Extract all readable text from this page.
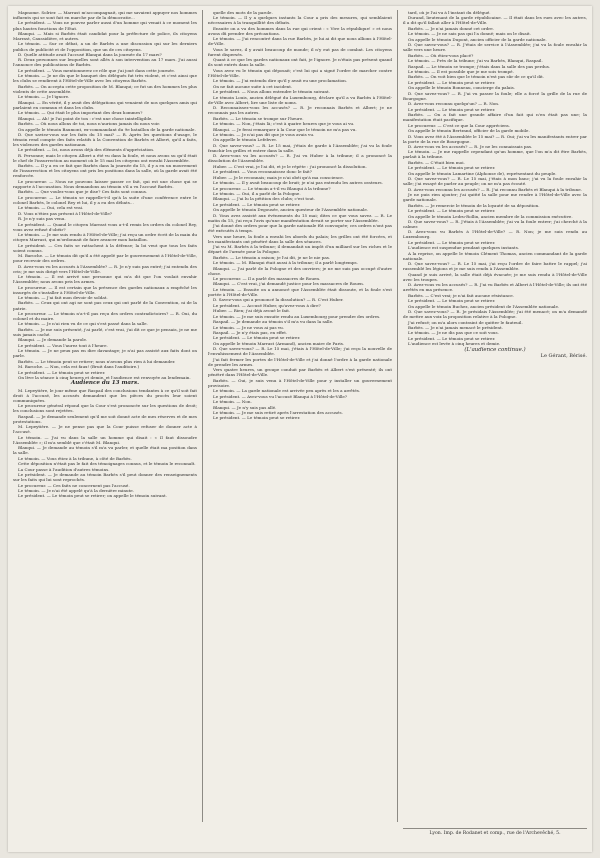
Mapnome. Solrier. — Marrast m'accompagnait, qui me savaient appuyer nos hommes influents qui se sont fait en marche par de la démocratie...

Le président. — Vous ne pouvez parler aussi d'un homme qui venait à ce moment les plus hautes fonctions de l'Etat.

Blanqui. — Mais si Barbès était candidat pour la préfecture de police, ils citoyens Marrast, Caussidière, et autres.

Le témoin. — Sur ce débat, a un de Barbès a une discussion qui sur les derniers publics de publicité et de l'opposition, que un de ces citoyens.

D. Quelle attitude avait l'accusé Blanqui dans la journée du 17 mars?

R. Deux personnes sur lesquelles sont allés à son intervention au 17 mars. J'ai aussi l'annonce des publications de Barbès.

Le président. — Vous mentionnerez ce rôle que j'ai joué dans cette journée.

Le témoin. — Je ne dis que le banquet des délégués fut très violent, et c'est ainsi que les clubs se rendirent à l'Hôtel-de-Ville avec les citoyens Barbès.

Barbès. — On accepta cette proposition de M. Blanqui; ce fut un des hommes les plus violents de cette assemblée.

Le témoin. — Je l'ignore.

Blanqui. — En vérité, il y avait des délégations qui venaient de nos quelques amis qui parlaient en commun et dans les clubs.

Le témoin. — Qui était le plus important des deux hommes?

Blanqui. — Ah! je l'ai point de ton : c'est une chose inintelligible.

Barbès. — Où nous allons de toi, nous n'aurions jamais du nous voir.

On appelle le témoin Baumont, ex-commandant du 9e bataillon de la garde nationale.

D. Que saviez-vous sur les faits du 15 mai? — R. Après les questions d'usage, le témoin rend compte des faits relatifs à la Convention de Barbès et Albert, qu'il a faits, les violences des gardes nationaux.

Le président. — Ici, nous avons déjà des éléments d'appréciation.

R. Personne; mais le citoyen Albert a été vu dans la foule, et nous avons su qu'il était le chef de l'insurrection au moment où le 15 mai les citoyens ont envahi l'Assemblée.

Barbès. — Il y a en ce fait que Barbès dans la journée du 15, il y a eu un mouvement de l'insurrection et les citoyens ont pris les positions dans la salle, où la garde avait été renforcée.

Le procureur. — Nous ne pouvons laisser passer ce fait, qui est une chose qui se rapporte à l'accusation. Nous demandons au témoin s'il a vu l'accusé Barbès.

Barbès. — Que voulez-vous que je dise? Ces faits sont connus.

Le procureur. — Le témoin se rappelle-t-il qu'à la suite d'une conférence entre le colonel Barbès, le colonel Rey et lui, il y a eu des débats...

Le témoin. — Oui, cela est vrai.

D. Vous n'étiez pas présent à l'Hôtel-de-Ville?

R. Je n'y suis pas venu.

Le président. — Quand le citoyen Marrast vous a-t-il remis les ordres du colonel Rey, vous avez refusé d'obéir?

Le témoin. — Je me suis rendu à l'Hôtel-de-Ville; j'ai reçu un ordre écrit de la main du citoyen Marrast, qui m'ordonnait de faire avancer mon bataillon.

Le président. — Ces faits se rattachent à la défense; la loi veut que tous les faits soient connus.

M. Baroche. — Le témoin dit qu'il a été appelé par le gouvernement à l'Hôtel-de-Ville, pour recevoir des ordres.

D. Avez-vous vu les accusés à l'Assemblée? — R. Je n'y suis pas entré; j'ai entendu des cris; je me suis dirigé vers l'Hôtel-de-Ville.

Le témoin. — Il est arrivé une personne qui m'a dit que l'on voulait envahir l'Assemblée; nous avons pris les armes.

Le procureur. — Il est certain que la présence des gardes nationaux a empêché les insurgés de s'installer à l'Hôtel-de-Ville.

Le témoin. — J'ai fait mon devoir de soldat.

Barbès. — Ceux qui ont agi ne sont pas ceux qui ont parlé de la Convention, ni de la patrie.

Le procureur. — Le témoin n'a-t-il pas reçu des ordres contradictoires? — R. Oui, du colonel et du maire.

Le témoin. — Je n'ai rien vu de ce qui s'est passé dans la salle.

Barbès. — Je me suis présenté, j'ai parlé, c'est vrai, j'ai dit ce que je pensais, je ne me suis jamais caché.

Blanqui. — Je demande la parole.

Le président. — Vous l'aurez tout à l'heure.

Le témoin. — Je ne peux pas en dire davantage; je n'ai pas assisté aux faits dont on parle.

Barbès. — Le témoin peut se retirer; nous n'avons plus rien à lui demander.

M. Baroche. — Non, cela est faux! (Bruit dans l'auditoire.)

Le président. — Le témoin peut se retirer.

On lève la séance à cinq heures et demie, et l'audience est renvoyée au lendemain.

Audience du 13 mars.

M. Lepeytière, le jour même que Raspail des conclusions tendantes à ce qu'il soit fait droit à l'accusé, les accusés demandent que les pièces du procès leur soient communiquées.

Le procureur général répond que la Cour s'est prononcée sur les questions de droit; les conclusions sont rejetées.

Raspail. — Je demande seulement qu'il me soit donné acte de mes réserves et de mes protestations.

M. Lepeytière. — Je ne pense pas que la Cour puisse refuser de donner acte à l'accusé.

Le témoin. — J'ai vu dans la salle un homme qui disait : « Il faut dissoudre l'Assemblée »; il m'a semblé que c'était M. Blanqui.

Blanqui. — Je demande au témoin s'il m'a vu parler, et quelle était ma position dans la salle.

Le témoin. — Vous étiez à la tribune, à côté de Barbès.

Cette déposition n'était pas le fait des témoignages connus, et le témoin le reconnaît.

La Cour passe à l'audition d'autres témoins.

Le président. — Je demande au témoin Barbès s'il peut donner des renseignements sur les faits qui lui sont reprochés.

Le procureur. — Ces faits ne concernent pas l'accusé.

Le témoin. — Je n'ai été appelé qu'à la dernière minute.

Le président. — Le témoin peut se retirer; on appelle le témoin suivant.

quelle des mots de la parole.

Le témoin. — Il y a quelques instants la Cour a pris des mesures, qui semblaient nécessaires à la tranquillité des débats.

Ensuite on a vu des hommes dans la rue qui crient : « Vive la république! » et nous avons dû prendre des précautions.

Le témoin. — J'ai rencontré dans la rue Barbès, je lui ai dit que nous allions à l'Hôtel-de-Ville.

Vous le savez, il y avait beaucoup de monde; il n'y eut pas de combat. Les citoyens furent dispersés.

Quant à ce que les gardes nationaux ont fait, je l'ignore. Je n'étais pas présent quand ils sont entrés dans la salle.

Vous avez vu le témoin qui déposait; c'est lui qui a signé l'ordre de marcher contre l'Hôtel-de-Ville.

Le témoin. — J'ai entendu dire qu'il y avait eu une proclamation.

On ne fait aucune suite à cet incident.

Le président. — Nous allons entendre le témoin suivant.

Le témoin Louis, ancien délégué du Luxembourg, déclare qu'il a vu Barbès à l'Hôtel-de-Ville avec Albert, lire une liste de noms.

D. Reconnaissez-vous les accusés? — R. Je reconnais Barbès et Albert; je ne reconnais pas les autres.

Barbès. — Le témoin se trompe sur l'heure.

Le témoin. — Non, j'étais là; c'est à quatre heures que je vous ai vu.

Blanqui. — Je ferai remarquer à la Cour que le témoin ne m'a pas vu.

Le témoin. — Je n'ai pas dit que je vous avais vu.

On appelle le témoin Lefebvre.

D. Que savez-vous? — R. Le 15 mai, j'étais de garde à l'Assemblée; j'ai vu la foule franchir les grilles et entrer dans la salle.

D. Avez-vous vu les accusés? — R. J'ai vu Huber à la tribune; il a prononcé la dissolution de l'Assemblée.

Huber. — C'est vrai, je l'ai dit, et je le répète : j'ai prononcé la dissolution.

Le président. — Vous reconnaissez donc le fait?

Huber. — Je le reconnais; mais je n'ai obéi qu'à ma conscience.

Le témoin. — Il y avait beaucoup de bruit; je n'ai pas entendu les autres orateurs.

Le procureur. — Le témoin a-t-il vu Blanqui à la tribune?

Le témoin. — Oui, il a parlé de la Pologne.

Blanqui. — J'ai lu la pétition des clubs; c'est tout.

Le président. — Le témoin peut se retirer.

On appelle le témoin Degousée, ancien questeur de l'Assemblée nationale.

D. Vous avez assisté aux événements du 15 mai; dites ce que vous savez. — R. Le matin du 15, j'ai reçu l'avis qu'une manifestation devait se porter sur l'Assemblée.

J'ai donné des ordres pour que la garde nationale fût convoquée; ces ordres n'ont pas été exécutés à temps.

Vers une heure, la foule a envahi les abords du palais; les grilles ont été forcées, et les manifestants ont pénétré dans la salle des séances.

J'ai vu M. Barbès à la tribune; il demandait un impôt d'un milliard sur les riches et le départ de l'armée pour la Pologne.

Barbès. — Le témoin a raison; je l'ai dit, je ne le nie pas.

Le témoin. — M. Blanqui était aussi à la tribune; il a parlé longtemps.

Blanqui. — J'ai parlé de la Pologne et des ouvriers; je ne me suis pas occupé d'autre chose.

Le procureur. — Il a parlé des massacres de Rouen.

Blanqui. — C'est vrai, j'ai demandé justice pour les massacres de Rouen.

Le témoin. — Ensuite on a annoncé que l'Assemblée était dissoute, et la foule s'est portée à l'Hôtel-de-Ville.

D. Savez-vous qui a prononcé la dissolution? — R. C'est Huber.

Le président. — Accusé Huber, qu'avez-vous à dire?

Huber. — Rien; j'ai déjà avoué le fait.

Le témoin. — Je me suis ensuite rendu au Luxembourg pour prendre des ordres.

Raspail. — Je demande au témoin s'il m'a vu dans la salle.

Le témoin. — Je ne vous ai pas vu.

Raspail. — Je n'y étais pas, en effet.

Le président. — Le témoin peut se retirer.

On appelle le témoin Marrast (Armand), ancien maire de Paris.

D. Que savez-vous? — R. Le 15 mai, j'étais à l'Hôtel-de-Ville; j'ai reçu la nouvelle de l'envahissement de l'Assemblée.

J'ai fait fermer les portes de l'Hôtel-de-Ville et j'ai donné l'ordre à la garde nationale de prendre les armes.

Vers quatre heures, un groupe conduit par Barbès et Albert s'est présenté; ils ont pénétré dans l'Hôtel-de-Ville.

Barbès. — Oui, je suis venu à l'Hôtel-de-Ville pour y installer un gouvernement provisoire.

Le témoin. — La garde nationale est arrivée peu après et les a arrêtés.

Le président. — Avez-vous vu l'accusé Blanqui à l'Hôtel-de-Ville?

Le témoin. — Non.

Blanqui. — Je n'y suis pas allé.

Le témoin. — Je me suis retiré après l'arrestation des accusés.

Le président. — Le témoin peut se retirer.

tard, où je l'ai vu à l'instant du délégué.

Durand, lieutenant de la garde républicaine. — Il était dans les rues avec les autres, il a dit qu'il fallait aller à l'Hôtel-de-Ville.

Barbès. — Je n'ai jamais donné cet ordre.

Le témoin. — Je ne sais pas qui l'a donné; mais on le disait.

On appelle le témoin Dupont, ancien officier de la garde nationale.

D. Que savez-vous? — R. J'étais de service à l'Assemblée; j'ai vu la foule envahir la salle vers une heure.

Barbès. — Où étiez-vous placé?

Le témoin. — Près de la tribune; j'ai vu Barbès, Blanqui, Raspail.

Raspail. — Le témoin se trompe; j'étais dans la salle des pas perdus.

Le témoin. — Il est possible que je me sois trompé.

Barbès. — On voit bien que le témoin n'est pas sûr de ce qu'il dit.

Le président. — Le témoin peut se retirer.

On appelle le témoin Bonneau, concierge du palais.

D. Que savez-vous? — R. J'ai vu passer la foule; elle a forcé la grille de la rue de Bourgogne.

D. Avez-vous reconnu quelqu'un? — R. Non.

Le président. — Le témoin peut se retirer.

Barbès. — On a fait une grande affaire d'un fait qui n'en était pas une; la manifestation était pacifique.

Le procureur. — C'est ce que la Cour appréciera.

On appelle le témoin Bertrand, officier de la garde mobile.

D. Vous avez été à l'Assemblée le 15 mai? — R. Oui; j'ai vu les manifestants entrer par la porte de la rue de Bourgogne.

D. Avez-vous vu les accusés? — R. Je ne les connaissais pas.

Le témoin. — Je me rappelle cependant qu'un homme, que l'on m'a dit être Barbès, parlait à la tribune.

Barbès. — C'était bien moi.

Le président. — Le témoin peut se retirer.

On appelle le témoin Lamartine (Alphonse de), représentant du peuple.

D. Que savez-vous? — R. Le 15 mai, j'étais à mon banc; j'ai vu la foule envahir la salle; j'ai essayé de parler au peuple; on ne m'a pas écouté.

D. Avez-vous reconnu les accusés? — R. J'ai reconnu Barbès et Blanqui à la tribune.

Je ne puis rien ajouter; j'ai quitté la salle pour me rendre à l'Hôtel-de-Ville avec la garde nationale.

Barbès. — Je remercie le témoin de la loyauté de sa déposition.

Le président. — Le témoin peut se retirer.

On appelle le témoin Ledru-Rollin, ancien membre de la commission exécutive.

D. Que savez-vous? — R. J'étais à l'Assemblée; j'ai vu la foule entrer; j'ai cherché à la calmer.

D. Avez-vous vu Barbès à l'Hôtel-de-Ville? — R. Non; je me suis rendu au Luxembourg.

Le président. — Le témoin peut se retirer.

L'audience est suspendue pendant quelques instants.

A la reprise, on appelle le témoin Clément Thomas, ancien commandant de la garde nationale.

D. Que savez-vous? — R. Le 15 mai, j'ai reçu l'ordre de faire battre le rappel; j'ai rassemblé les légions et je me suis rendu à l'Assemblée.

Quand je suis arrivé, la salle était déjà évacuée; je me suis rendu à l'Hôtel-de-Ville avec les troupes.

D. Avez-vous vu les accusés? — R. J'ai vu Barbès et Albert à l'Hôtel-de-Ville; ils ont été arrêtés en ma présence.

Barbès. — C'est vrai; je n'ai fait aucune résistance.

Le président. — Le témoin peut se retirer.

On appelle le témoin Buchez, ancien président de l'Assemblée nationale.

D. Que savez-vous? — R. Je présidais l'Assemblée; j'ai été menacé; on m'a demandé de mettre aux voix la proposition relative à la Pologne.

J'ai refusé; on m'a alors contraint de quitter le fauteuil.

Barbès. — Je n'ai jamais menacé le président.

Le témoin. — Je ne dis pas que ce soit vous.

Le président. — Le témoin peut se retirer.

L'audience est levée à cinq heures et demie.

(L'audience continue.)

Le Gérant, Bérisé.

Lyon. Imp. de Rodanet et comp., rue de l'Archevêché, 5.
